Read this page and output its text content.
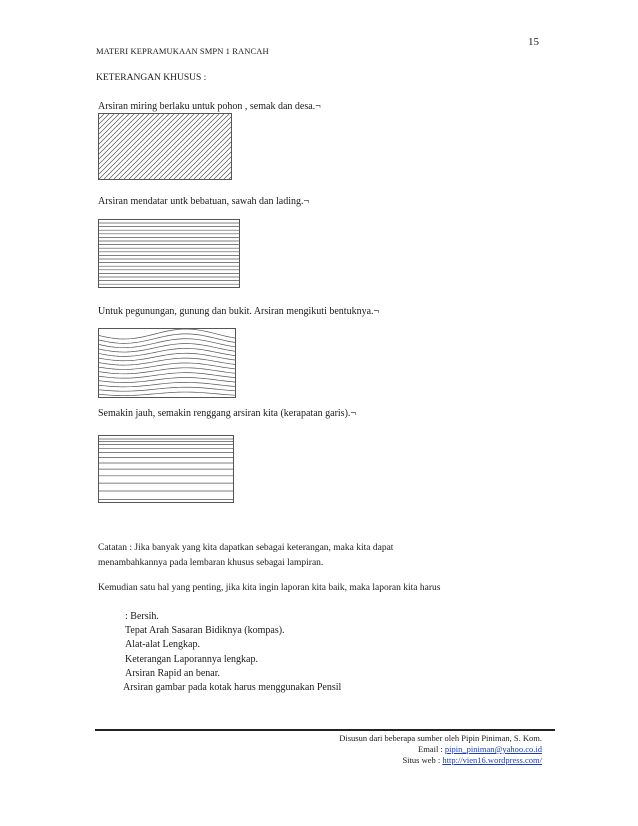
15
MATERI KEPRAMUKAAN SMPN 1 RANCAH
KETERANGAN KHUSUS :
Arsiran miring berlaku untuk pohon , semak dan desa.¬
Arsiran mendatar untk bebatuan, sawah dan lading.¬
Untuk pegunungan, gunung dan bukit. Arsiran mengikuti bentuknya.¬
Semakin jauh, semakin renggang arsiran kita (kerapatan garis).¬
Catatan : Jika banyak yang kita dapatkan sebagai keterangan, maka kita dapat
menambahkannya pada lembaran khusus sebagai lampiran.
Kemudian satu hal yang penting, jika kita ingin laporan kita baik, maka laporan kita harus
: Bersih.
Tepat Arah Sasaran Bidiknya (kompas).
Alat-alat Lengkap.
Keterangan Laporannya lengkap.
Arsiran Rapid an benar.
Arsiran gambar pada kotak harus menggunakan Pensil
Disusun dari beberapa sumber oleh Pipin Piniman, S. Kom.
Email : pipin_piniman@yahoo.co.id
Situs web : http://vien16.wordpress.com/
